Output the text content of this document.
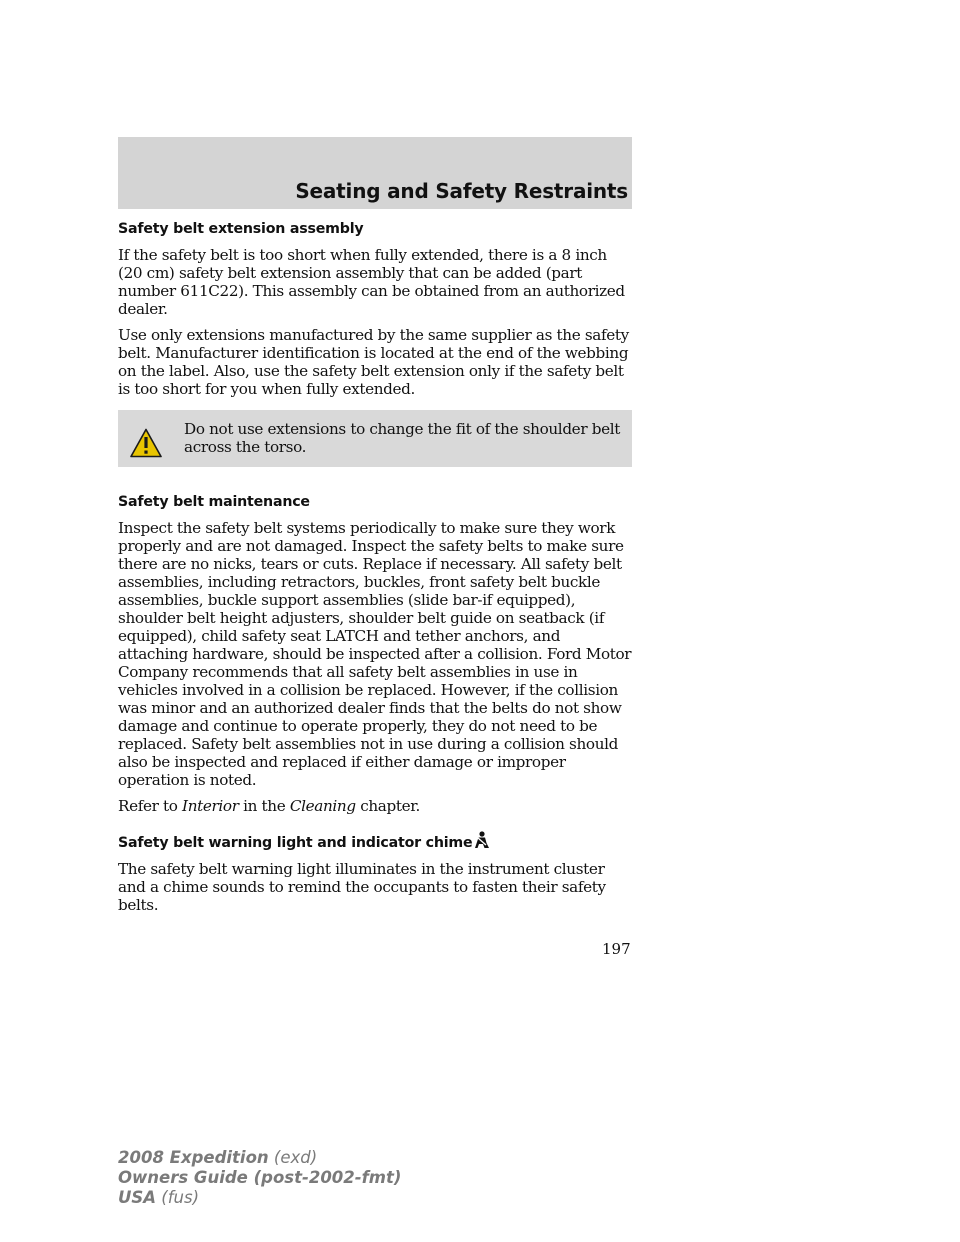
Seating and Safety Restraints
Safety belt extension assembly

If the safety belt is too short when fully extended, there is a 8 inch (20 cm) safety belt extension assembly that can be added (part number 611C22). This assembly can be obtained from an authorized dealer.

Use only extensions manufactured by the same supplier as the safety belt. Manufacturer identification is located at the end of the webbing on the label. Also, use the safety belt extension only if the safety belt is too short for you when fully extended.

Do not use extensions to change the fit of the shoulder belt across the torso.
Safety belt maintenance

Inspect the safety belt systems periodically to make sure they work properly and are not damaged. Inspect the safety belts to make sure there are no nicks, tears or cuts. Replace if necessary. All safety belt assemblies, including retractors, buckles, front safety belt buckle assemblies, buckle support assemblies (slide bar-if equipped), shoulder belt height adjusters, shoulder belt guide on seatback (if equipped), child safety seat LATCH and tether anchors, and attaching hardware, should be inspected after a collision. Ford Motor Company recommends that all safety belt assemblies in use in vehicles involved in a collision be replaced. However, if the collision was minor and an authorized dealer finds that the belts do not show damage and continue to operate properly, they do not need to be replaced. Safety belt assemblies not in use during a collision should also be inspected and replaced if either damage or improper operation is noted.

Refer to Interior in the Cleaning chapter.

Safety belt warning light and indicator chime

The safety belt warning light illuminates in the instrument cluster and a chime sounds to remind the occupants to fasten their safety belts.

197
2008 Expedition (exd)
Owners Guide (post-2002-fmt)
USA (fus)
